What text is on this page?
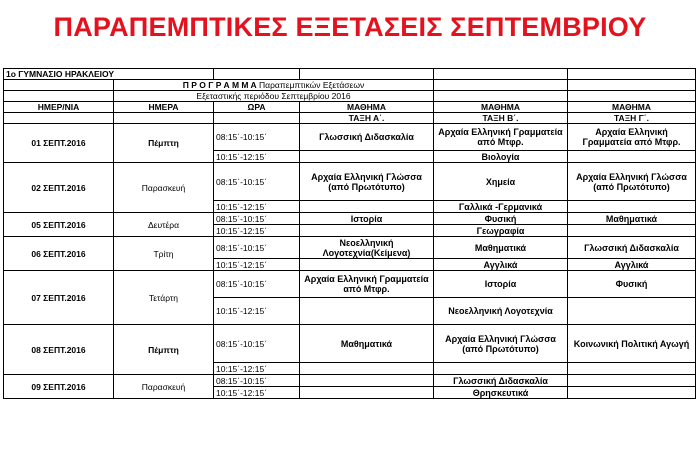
ΠΑΡΑΠΕΜΠΤΙΚΕΣ ΕΞΕΤΑΣΕΙΣ ΣΕΠΤΕΜΒΡΙΟΥ
1ο ΓΥΜΝΑΣΙΟ ΗΡΑΚΛΕΙΟΥ					
	Π Ρ Ο Γ Ρ Α Μ Μ Α Παραπεμπτικών Εξετάσεων				
	Εξεταστικής περιόδου Σεπτεμβρίου 2016				
ΗΜΕΡ/ΝΙΑ	ΗΜΕΡΑ	ΩΡΑ	ΜΑΘΗΜΑ	ΜΑΘΗΜΑ	ΜΑΘΗΜΑ
			ΤΑΞΗ Α΄.	ΤΑΞΗ Β΄.	ΤΑΞΗ Γ΄.
01 ΣΕΠΤ.2016	Πέμπτη	08:15΄-10:15΄	Γλωσσική Διδασκαλία	Αρχαία Ελληνική Γραμματεία από Μτφρ.	Αρχαία Ελληνική Γραμματεία από Μτφρ.
		10:15΄-12:15΄		Βιολογία	
02 ΣΕΠΤ.2016	Παρασκευή	08:15΄-10:15΄	Αρχαία Ελληνική Γλώσσα (από Πρωτότυπο)	Χημεία	Αρχαία Ελληνική Γλώσσα (από Πρωτότυπο)
		10:15΄-12:15΄		Γαλλικά -Γερμανικά	
05 ΣΕΠΤ.2016	Δευτέρα	08:15΄-10:15΄	Ιστορία	Φυσική	Μαθηματικά
		10:15΄-12:15΄		Γεωγραφία	
06 ΣΕΠΤ.2016	Τρίτη	08:15΄-10:15΄	Νεοελληνική Λογοτεχνία(Κείμενα)	Μαθηματικά	Γλωσσική Διδασκαλία
		10:15΄-12:15΄		Αγγλικά	Αγγλικά
07 ΣΕΠΤ.2016	Τετάρτη	08:15΄-10:15΄	Αρχαία Ελληνική Γραμματεία από Μτφρ.	Ιστορία	Φυσική
		10:15΄-12:15΄		Νεοελληνική Λογοτεχνία	
08 ΣΕΠΤ.2016	Πέμπτη	08:15΄-10:15΄	Μαθηματικά	Αρχαία Ελληνική Γλώσσα (από Πρωτότυπο)	Κοινωνική Πολιτική Αγωγή
		10:15΄-12:15΄			
09 ΣΕΠΤ.2016	Παρασκευή	08:15΄-10:15΄		Γλωσσική Διδασκαλία	
		10:15΄-12:15΄		Θρησκευτικά	
